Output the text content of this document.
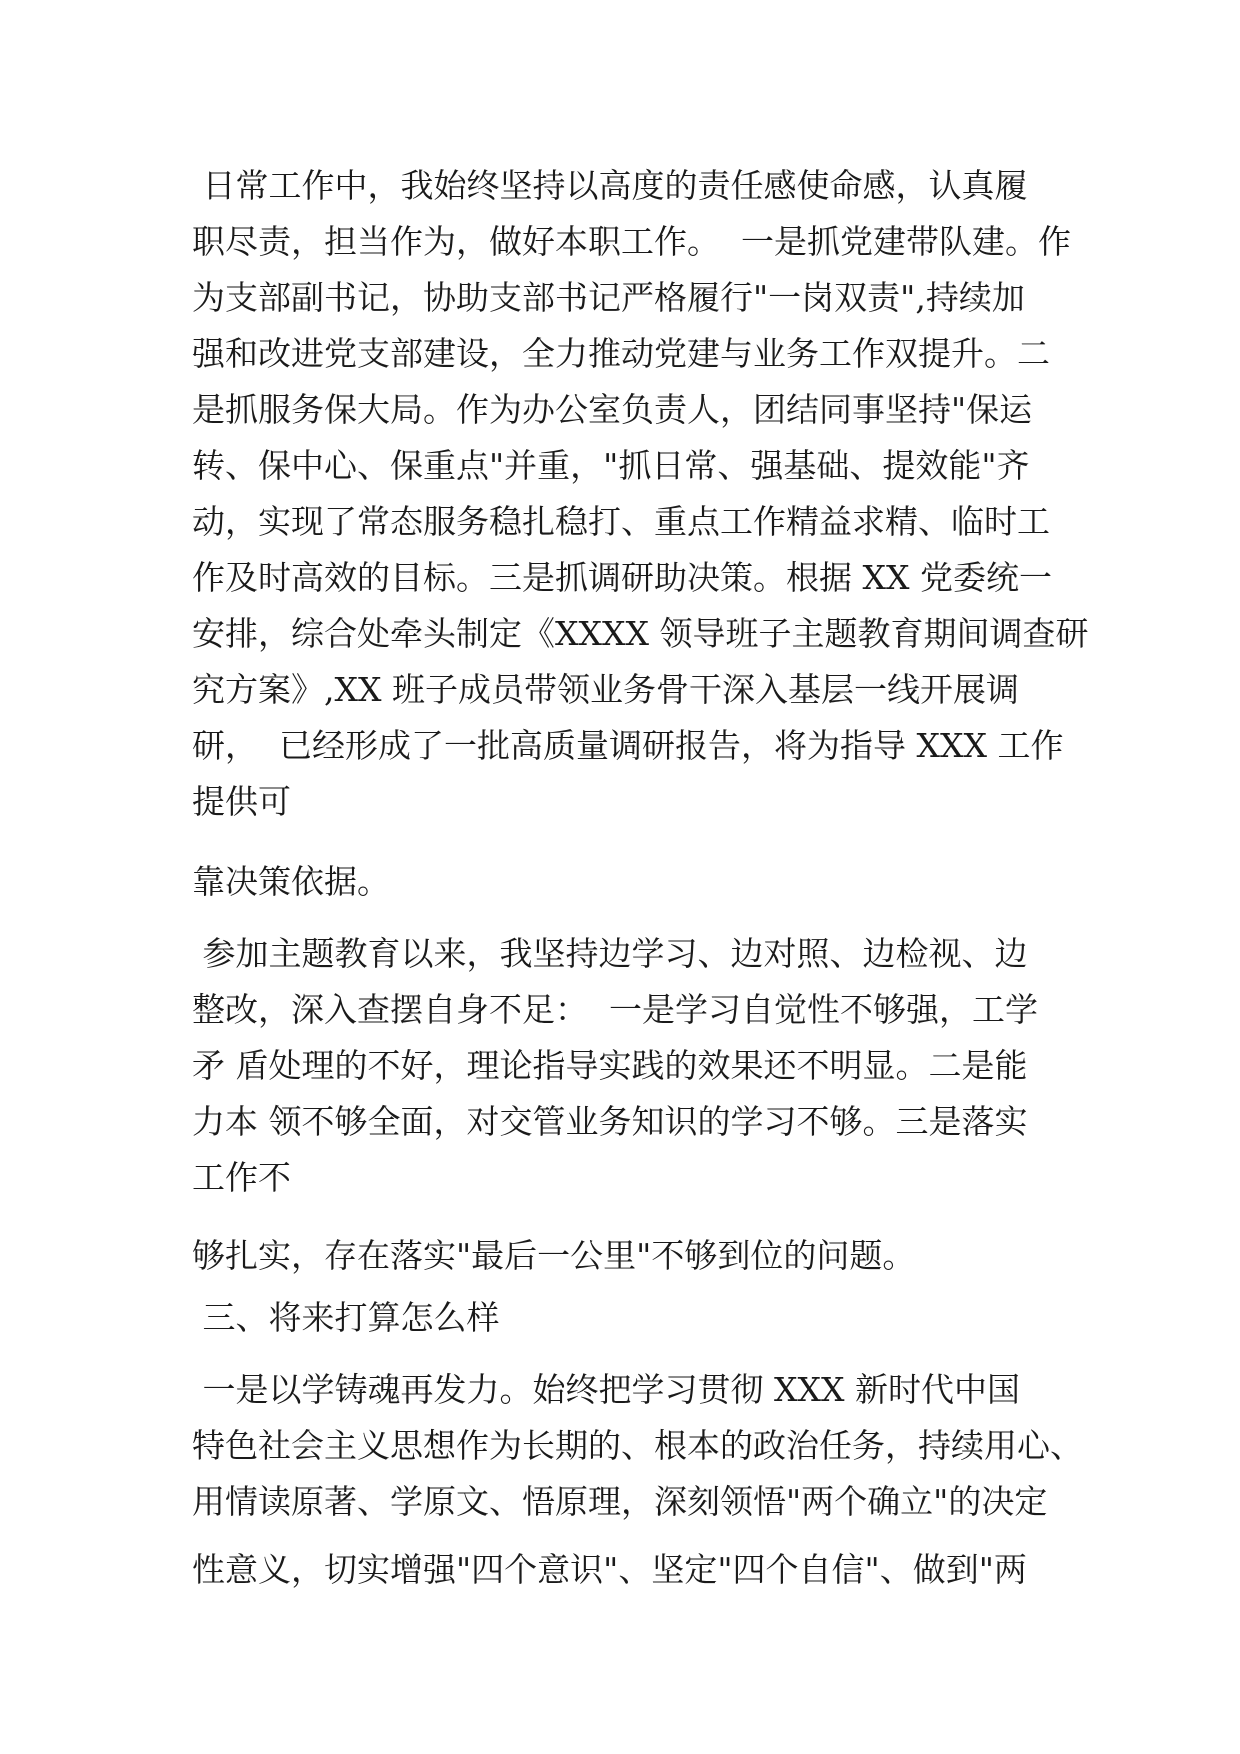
日常工作中，我始终坚持以高度的责任感使命感，认真履
职尽责，担当作为，做好本职工作。  一是抓党建带队建。作
为支部副书记，协助支部书记严格履行"一岗双责",持续加
强和改进党支部建设，全力推动党建与业务工作双提升。二
是抓服务保大局。作为办公室负责人，团结同事坚持"保运
转、保中心、保重点"并重，"抓日常、强基础、提效能"齐
动，实现了常态服务稳扎稳打、重点工作精益求精、临时工
作及时高效的目标。三是抓调研助决策。根据 XX 党委统一
安排，综合处牵头制定《XXXX 领导班子主题教育期间调查研
究方案》,XX 班子成员带领业务骨干深入基层一线开展调
研，  已经形成了一批高质量调研报告，将为指导 XXX 工作
提供可
靠决策依据。
参加主题教育以来，我坚持边学习、边对照、边检视、边
整改，深入查摆自身不足：  一是学习自觉性不够强，工学
矛 盾处理的不好，理论指导实践的效果还不明显。二是能
力本 领不够全面，对交管业务知识的学习不够。三是落实
工作不
够扎实，存在落实"最后一公里"不够到位的问题。
三、将来打算怎么样
一是以学铸魂再发力。始终把学习贯彻 XXX 新时代中国
特色社会主义思想作为长期的、根本的政治任务，持续用心、
用情读原著、学原文、悟原理，深刻领悟"两个确立"的决定
性意义，切实增强"四个意识"、坚定"四个自信"、做到"两
